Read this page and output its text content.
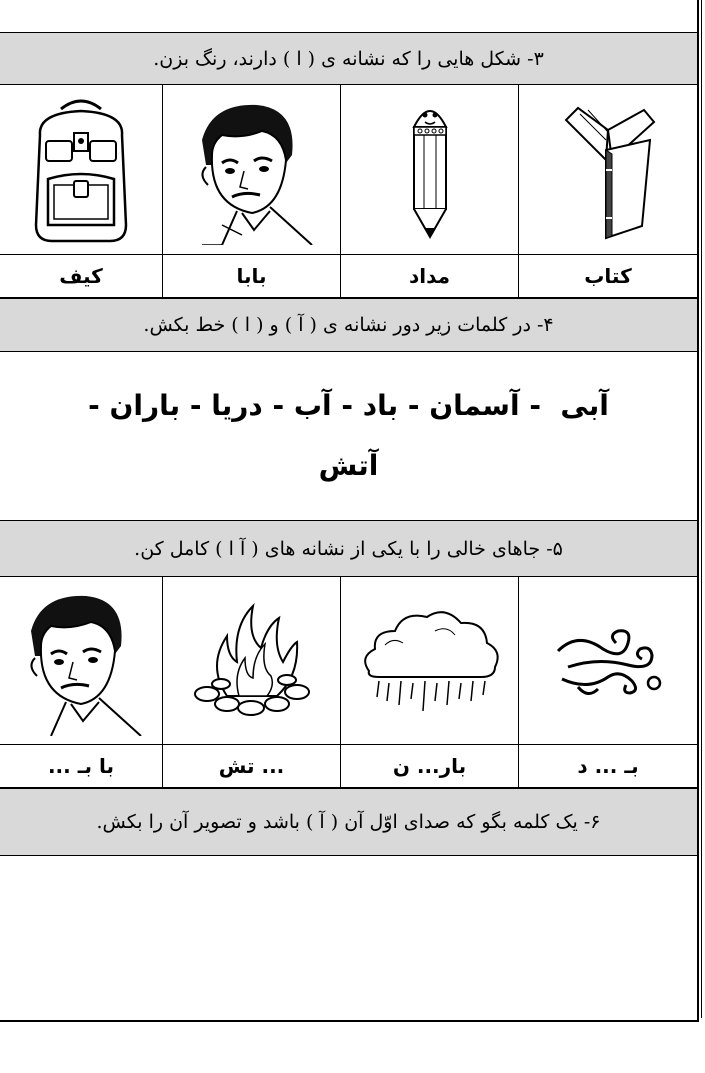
۳- شکل هایی را که نشانه ی ( ا ) دارند، رنگ بزن.
کتاب
مداد
بابا
کیف
۴- در کلمات زیر دور نشانه ی ( آ ) و ( ا ) خط بکش.
آبی  - آسمان - باد - آب - دریا - باران -
آتش
۵- جاهای خالی را با یکی از نشانه های ( آ ا ) کامل کن.
بـ ... د
بار... ن
... تش
با بـ ...
۶- یک کلمه بگو که صدای اوّل آن ( آ ) باشد و تصویر آن را بکش.
